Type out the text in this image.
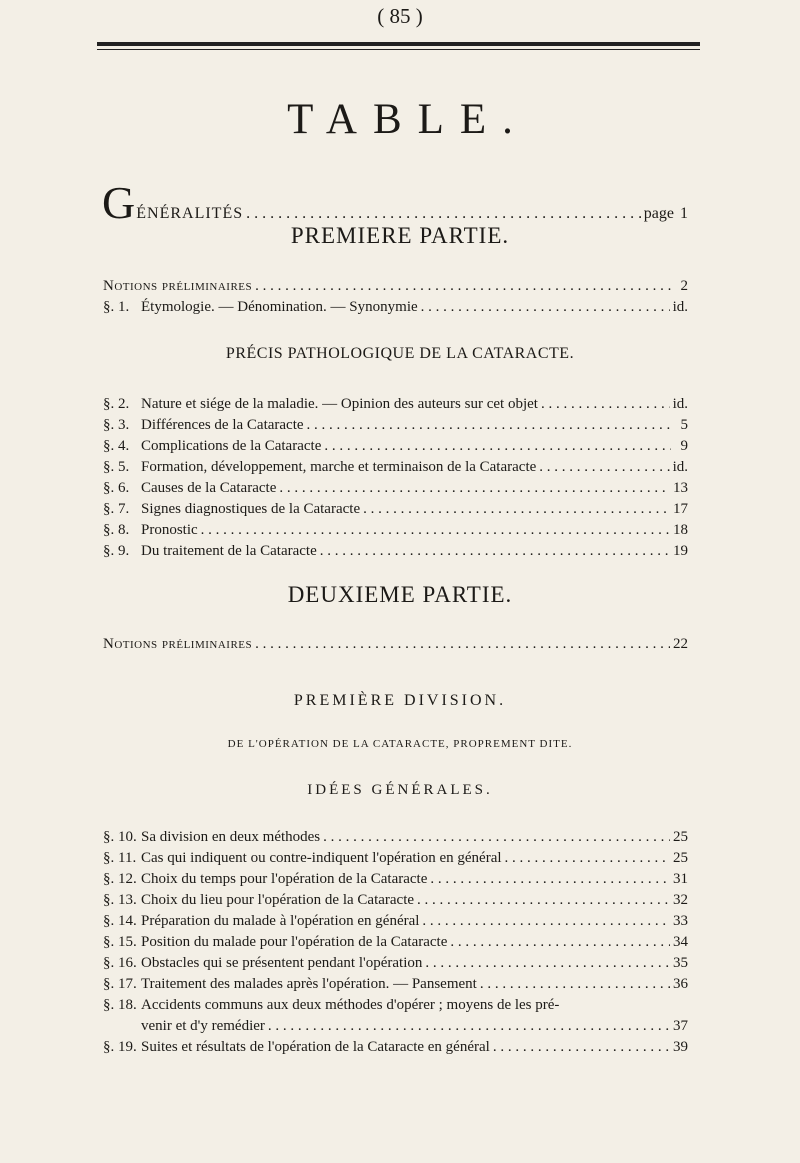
( 85 )
TABLE.
G ÉNÉRALITÉS . . .	page 1
PREMIERE PARTIE.
Notions préliminaires . . .	2
§. 1. Étymologie. — Dénomination. — Synonymie . . .	id.
PRÉCIS PATHOLOGIQUE DE LA CATARACTE.
§. 2. Nature et siége de la maladie. — Opinion des auteurs sur cet objet . . .	id.
§. 3. Différences de la Cataracte . . .	5
§. 4. Complications de la Cataracte . . .	9
§. 5. Formation, développement, marche et terminaison de la Cataracte . . .	id.
§. 6. Causes de la Cataracte . . .	13
§. 7. Signes diagnostiques de la Cataracte . . .	17
§. 8. Pronostic . . .	18
§. 9. Du traitement de la Cataracte . . .	19
DEUXIEME PARTIE.
Notions préliminaires . . .	22
PREMIÈRE DIVISION.
DE L'OPÉRATION DE LA CATARACTE, PROPREMENT DITE.
IDÉES GÉNÉRALES.
§. 10. Sa division en deux méthodes . . .	25
§. 11. Cas qui indiquent ou contre-indiquent l'opération en général . . .	25
§. 12. Choix du temps pour l'opération de la Cataracte . . .	31
§. 13. Choix du lieu pour l'opération de la Cataracte . . .	32
§. 14. Préparation du malade à l'opération en général . . .	33
§. 15. Position du malade pour l'opération de la Cataracte . . .	34
§. 16. Obstacles qui se présentent pendant l'opération . . .	35
§. 17. Traitement des malades après l'opération. — Pansement . . .	36
§. 18. Accidents communs aux deux méthodes d'opérer ; moyens de les pré-
venir et d'y remédier . . .	37
§. 19. Suites et résultats de l'opération de la Cataracte en général . . .	39
